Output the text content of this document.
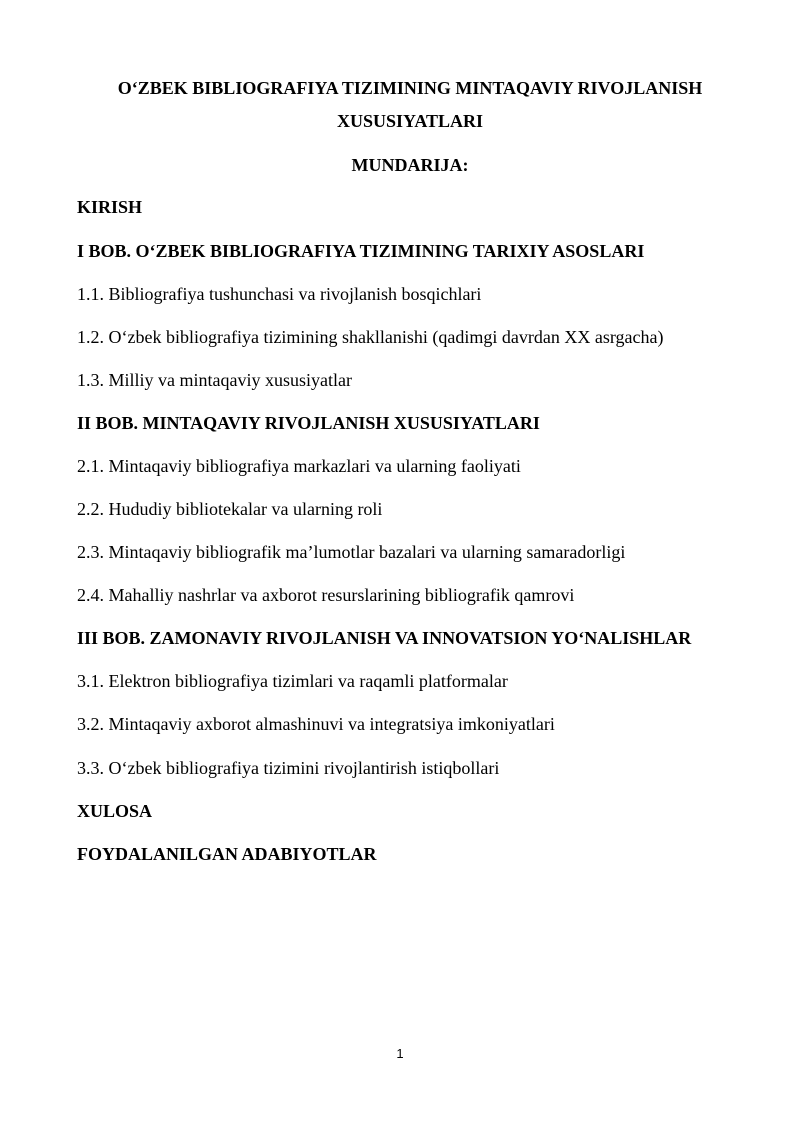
O‘ZBEK BIBLIOGRAFIYA TIZIMINING MINTAQAVIY RIVOJLANISH
XUSUSIYATLARI
MUNDARIJA:
KIRISH
I BOB. O‘ZBEK BIBLIOGRAFIYA TIZIMINING TARIXIY ASOSLARI
1.1. Bibliografiya tushunchasi va rivojlanish bosqichlari
1.2. O‘zbek bibliografiya tizimining shakllanishi (qadimgi davrdan XX asrgacha)
1.3. Milliy va mintaqaviy xususiyatlar
II BOB. MINTAQAVIY RIVOJLANISH XUSUSIYATLARI
2.1. Mintaqaviy bibliografiya markazlari va ularning faoliyati
2.2. Hududiy bibliotekalar va ularning roli
2.3. Mintaqaviy bibliografik ma’lumotlar bazalari va ularning samaradorligi
2.4. Mahalliy nashrlar va axborot resurslarining bibliografik qamrovi
III BOB. ZAMONAVIY RIVOJLANISH VA INNOVATSION YO‘NALISHLAR
3.1. Elektron bibliografiya tizimlari va raqamli platformalar
3.2. Mintaqaviy axborot almashinuvi va integratsiya imkoniyatlari
3.3. O‘zbek bibliografiya tizimini rivojlantirish istiqbollari
XULOSA
FOYDALANILGAN ADABIYOTLAR
1
